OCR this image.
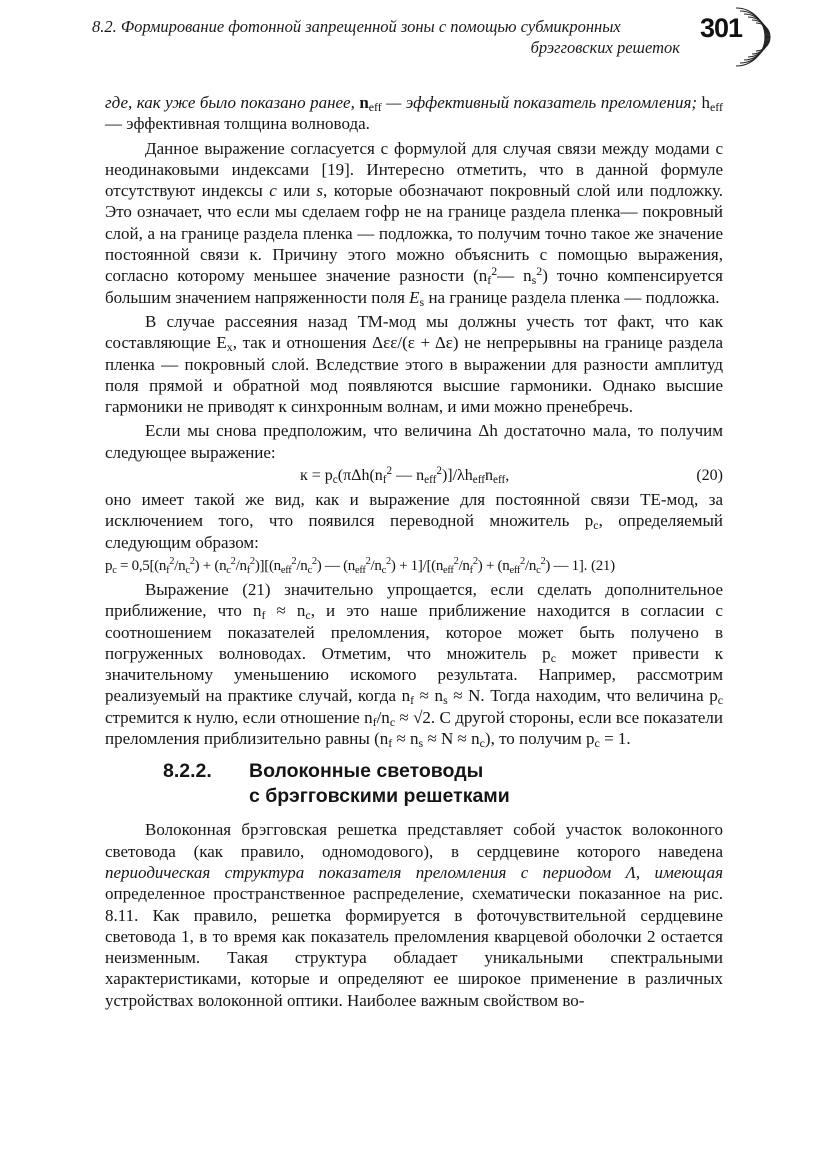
8.2. Формирование фотонной запрещенной зоны с помощью субмикронных
брэгговских решеток
301

где, как уже было показано ранее, $n_{eff}$ — эффективный показатель преломления; $h_{eff}$ — эффективная толщина волновода.

Данное выражение согласуется с формулой для случая связи между модами с неодинаковыми индексами [19]. Интересно отметить, что в данной формуле отсутствуют индексы c или s, которые обозначают покровный слой или подложку. Это означает, что если мы сделаем гофр не на границе раздела пленка— покровный слой, а на границе раздела пленка — подложка, то получим точно такое же значение постоянной связи к. Причину этого можно объяснить с помощью выражения, согласно которому меньшее значение разности ($n_f^2—$ $n_s^2$) точно компенсируется большим значением напряженности поля $E_s$ на границе раздела пленка — подложка.

В случае рассеяния назад ТМ-мод мы должны учесть тот факт, что как составляющие $E_x$, так и отношения Δεε/(ε + Δε) не непрерывны на границе раздела пленка — покровный слой. Вследствие этого в выражении для разности амплитуд поля прямой и обратной мод появляются высшие гармоники. Однако высшие гармоники не приводят к синхронным волнам, и ими можно пренебречь.

Если мы снова предположим, что величина Δh достаточно мала, то получим следующее выражение:

$к = p_c(\pi\Delta h(n_f^2$ — $n_{eff}^2)]/\lambda h_{eff}n_{eff}$,	(20)

оно имеет такой же вид, как и выражение для постоянной связи ТЕ-мод, за исключением того, что появился переводной множитель $p_c$, определяемый следующим образом:

$p_c = 0,5[(n_f^2/n_c^2) + (n_c^2/n_f^2)][(n_{eff}^2/n_c^2)$ — $(n_{eff}^2/n_c^2) + 1]/[(n_{eff}^2/n_f^2) + (n_{eff}^2/n_c^2)$ — 1]. (21)

Выражение (21) значительно упрощается, если сделать дополнительное приближение, что $n_f \approx n_c$, и это наше приближение находится в согласии с соотношением показателей преломления, которое может быть получено в погруженных волноводах. Отметим, что множитель $p_c$ может привести к значительному уменьшению искомого результата. Например, рассмотрим реализуемый на практике случай, когда $n_f \approx n_s \approx N$. Тогда находим, что величина $p_c$ стремится к нулю, если отношение $n_f/n_c \approx √2$. С другой стороны, если все показатели преломления приблизительно равны $(n_f \approx n_s \approx N \approx n_c)$, то получим $p_c = 1$.

8.2.2. Волоконные световоды
с брэгговскими решетками

Волоконная брэгговская решетка представляет собой участок волоконного световода (как правило, одномодового), в сердцевине которого наведена периодическая структура показателя преломления с периодом Λ, имеющая определенное пространственное распределение, схематически показанное на рис. 8.11. Как правило, решетка формируется в фоточувствительной сердцевине световода 1, в то время как показатель преломления кварцевой оболочки 2 остается неизменным. Такая структура обладает уникальными спектральными характеристиками, которые и определяют ее широкое применение в различных устройствах волоконной оптики. Наиболее важным свойством во-
